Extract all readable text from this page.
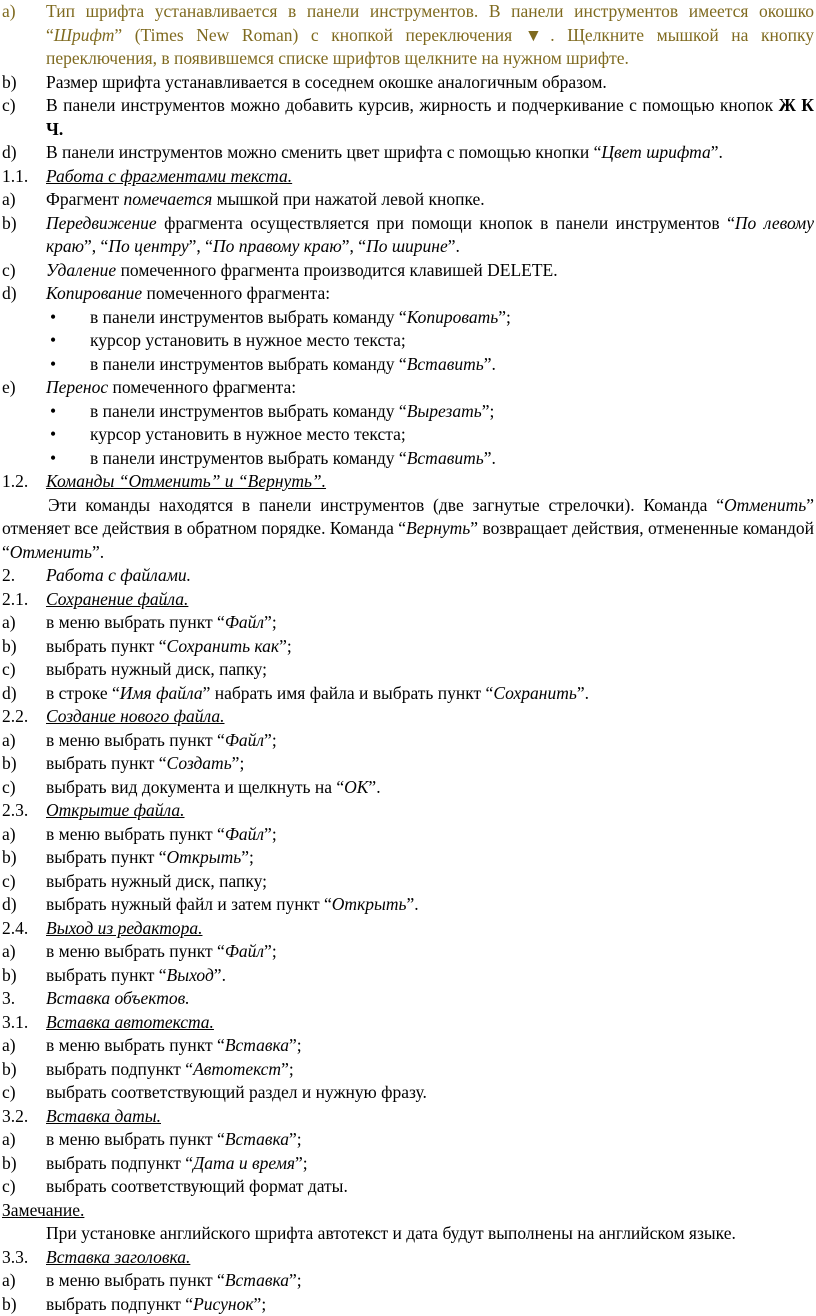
a)	Тип шрифта устанавливается в панели инструментов. В панели инструментов имеется окошко “Шрифт” (Times New Roman) с кнопкой переключения ▼. Щелкните мышкой на кнопку переключения, в появившемся списке шрифтов щелкните на нужном шрифте.
b)	Размер шрифта устанавливается в соседнем окошке аналогичным образом.
c)	В панели инструментов можно добавить курсив, жирность и подчеркивание с помощью кнопок Ж К Ч.
d)	В панели инструментов можно сменить цвет шрифта с помощью кнопки “Цвет шрифта”.
1.1.	Работа с фрагментами текста.
a)	Фрагмент помечается мышкой при нажатой левой кнопке.
b)	Передвижение фрагмента осуществляется при помощи кнопок в панели инструментов “По левому краю”, “По центру”, “По правому краю”, “По ширине”.
c)	Удаление помеченного фрагмента производится клавишей DELETE.
d)	Копирование помеченного фрагмента:
• в панели инструментов выбрать команду “Копировать”;
• курсор установить в нужное место текста;
• в панели инструментов выбрать команду “Вставить”.
e)	Перенос помеченного фрагмента:
• в панели инструментов выбрать команду “Вырезать”;
• курсор установить в нужное место текста;
• в панели инструментов выбрать команду “Вставить”.
1.2.	Команды “Отменить” и “Вернуть”.
Эти команды находятся в панели инструментов (две загнутые стрелочки). Команда “Отменить” отменяет все действия в обратном порядке. Команда “Вернуть” возвращает действия, отмененные командой “Отменить”.
2.	Работа с файлами.
2.1.	Сохранение файла.
a)	в меню выбрать пункт “Файл”;
b)	выбрать пункт “Сохранить как”;
c)	выбрать нужный диск, папку;
d)	в строке “Имя файла” набрать имя файла и выбрать пункт “Сохранить”.
2.2.	Создание нового файла.
a)	в меню выбрать пункт “Файл”;
b)	выбрать пункт “Создать”;
c)	выбрать вид документа и щелкнуть на “ОК”.
2.3.	Открытие файла.
a)	в меню выбрать пункт “Файл”;
b)	выбрать пункт “Открыть”;
c)	выбрать нужный диск, папку;
d)	выбрать нужный файл и затем пункт “Открыть”.
2.4.	Выход из редактора.
a)	в меню выбрать пункт “Файл”;
b)	выбрать пункт “Выход”.
3.	Вставка объектов.
3.1.	Вставка автотекста.
a)	в меню выбрать пункт “Вставка”;
b)	выбрать подпункт “Автотекст”;
c)	выбрать соответствующий раздел и нужную фразу.
3.2.	Вставка даты.
a)	в меню выбрать пункт “Вставка”;
b)	выбрать подпункт “Дата и время”;
c)	выбрать соответствующий формат даты.
Замечание.
При установке английского шрифта автотекст и дата будут выполнены на английском языке.
3.3.	Вставка заголовка.
a)	в меню выбрать пункт “Вставка”;
b)	выбрать подпункт “Рисунок”;
